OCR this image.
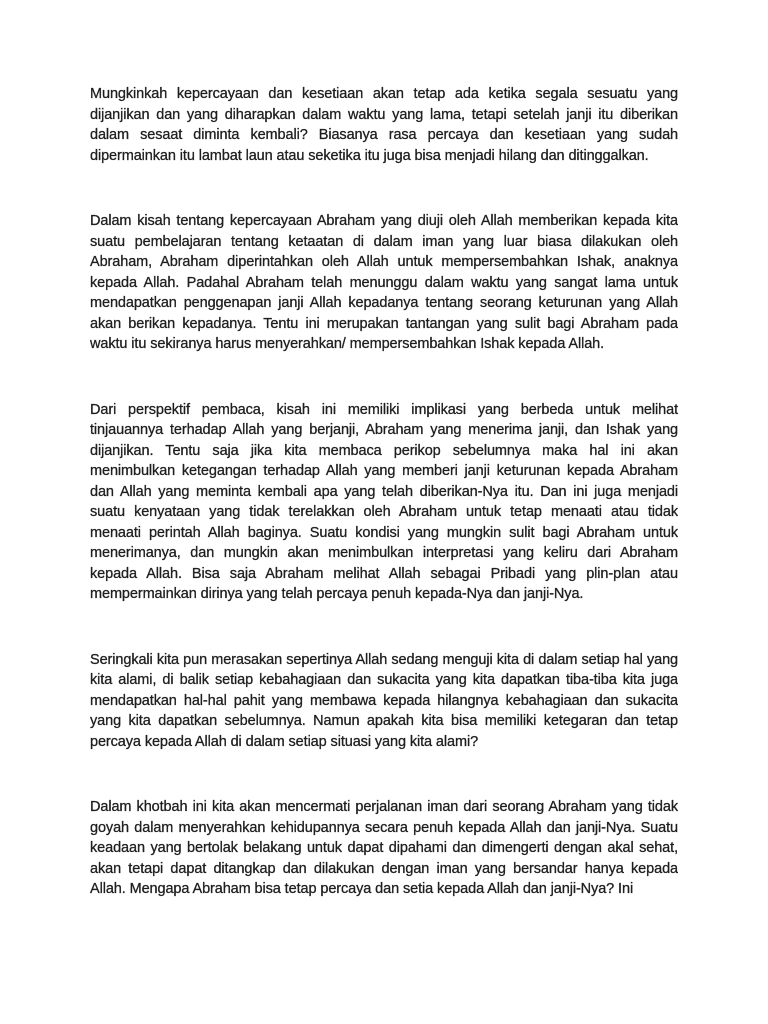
Mungkinkah kepercayaan dan kesetiaan akan tetap ada ketika segala sesuatu yang
dijanjikan dan yang diharapkan dalam waktu yang lama, tetapi setelah janji itu diberikan
dalam sesaat diminta kembali? Biasanya rasa percaya dan kesetiaan yang sudah
dipermainkan itu lambat laun atau seketika itu juga bisa menjadi hilang dan ditinggalkan.

Dalam kisah tentang kepercayaan Abraham yang diuji oleh Allah memberikan kepada kita
suatu pembelajaran tentang ketaatan di dalam iman yang luar biasa dilakukan oleh
Abraham, Abraham diperintahkan oleh Allah untuk mempersembahkan Ishak, anaknya
kepada Allah. Padahal Abraham telah menunggu dalam waktu yang sangat lama untuk
mendapatkan penggenapan janji Allah kepadanya tentang seorang keturunan yang Allah
akan berikan kepadanya. Tentu ini merupakan tantangan yang sulit bagi Abraham pada
waktu itu sekiranya harus menyerahkan/ mempersembahkan Ishak kepada Allah.

Dari perspektif pembaca, kisah ini memiliki implikasi yang berbeda untuk melihat
tinjauannya terhadap Allah yang berjanji, Abraham yang menerima janji, dan Ishak yang
dijanjikan. Tentu saja jika kita membaca perikop sebelumnya maka hal ini akan
menimbulkan ketegangan terhadap Allah yang memberi janji keturunan kepada Abraham
dan Allah yang meminta kembali apa yang telah diberikan-Nya itu. Dan ini juga menjadi
suatu kenyataan yang tidak terelakkan oleh Abraham untuk tetap menaati atau tidak
menaati perintah Allah baginya. Suatu kondisi yang mungkin sulit bagi Abraham untuk
menerimanya, dan mungkin akan menimbulkan interpretasi yang keliru dari Abraham
kepada Allah. Bisa saja Abraham melihat Allah sebagai Pribadi yang plin-plan atau
mempermainkan dirinya yang telah percaya penuh kepada-Nya dan janji-Nya.

Seringkali kita pun merasakan sepertinya Allah sedang menguji kita di dalam setiap hal yang
kita alami, di balik setiap kebahagiaan dan sukacita yang kita dapatkan tiba-tiba kita juga
mendapatkan hal-hal pahit yang membawa kepada hilangnya kebahagiaan dan sukacita
yang kita dapatkan sebelumnya. Namun apakah kita bisa memiliki ketegaran dan tetap
percaya kepada Allah di dalam setiap situasi yang kita alami?

Dalam khotbah ini kita akan mencermati perjalanan iman dari seorang Abraham yang tidak
goyah dalam menyerahkan kehidupannya secara penuh kepada Allah dan janji-Nya. Suatu
keadaan yang bertolak belakang untuk dapat dipahami dan dimengerti dengan akal sehat,
akan tetapi dapat ditangkap dan dilakukan dengan iman yang bersandar hanya kepada
Allah. Mengapa Abraham bisa tetap percaya dan setia kepada Allah dan janji-Nya? Ini
